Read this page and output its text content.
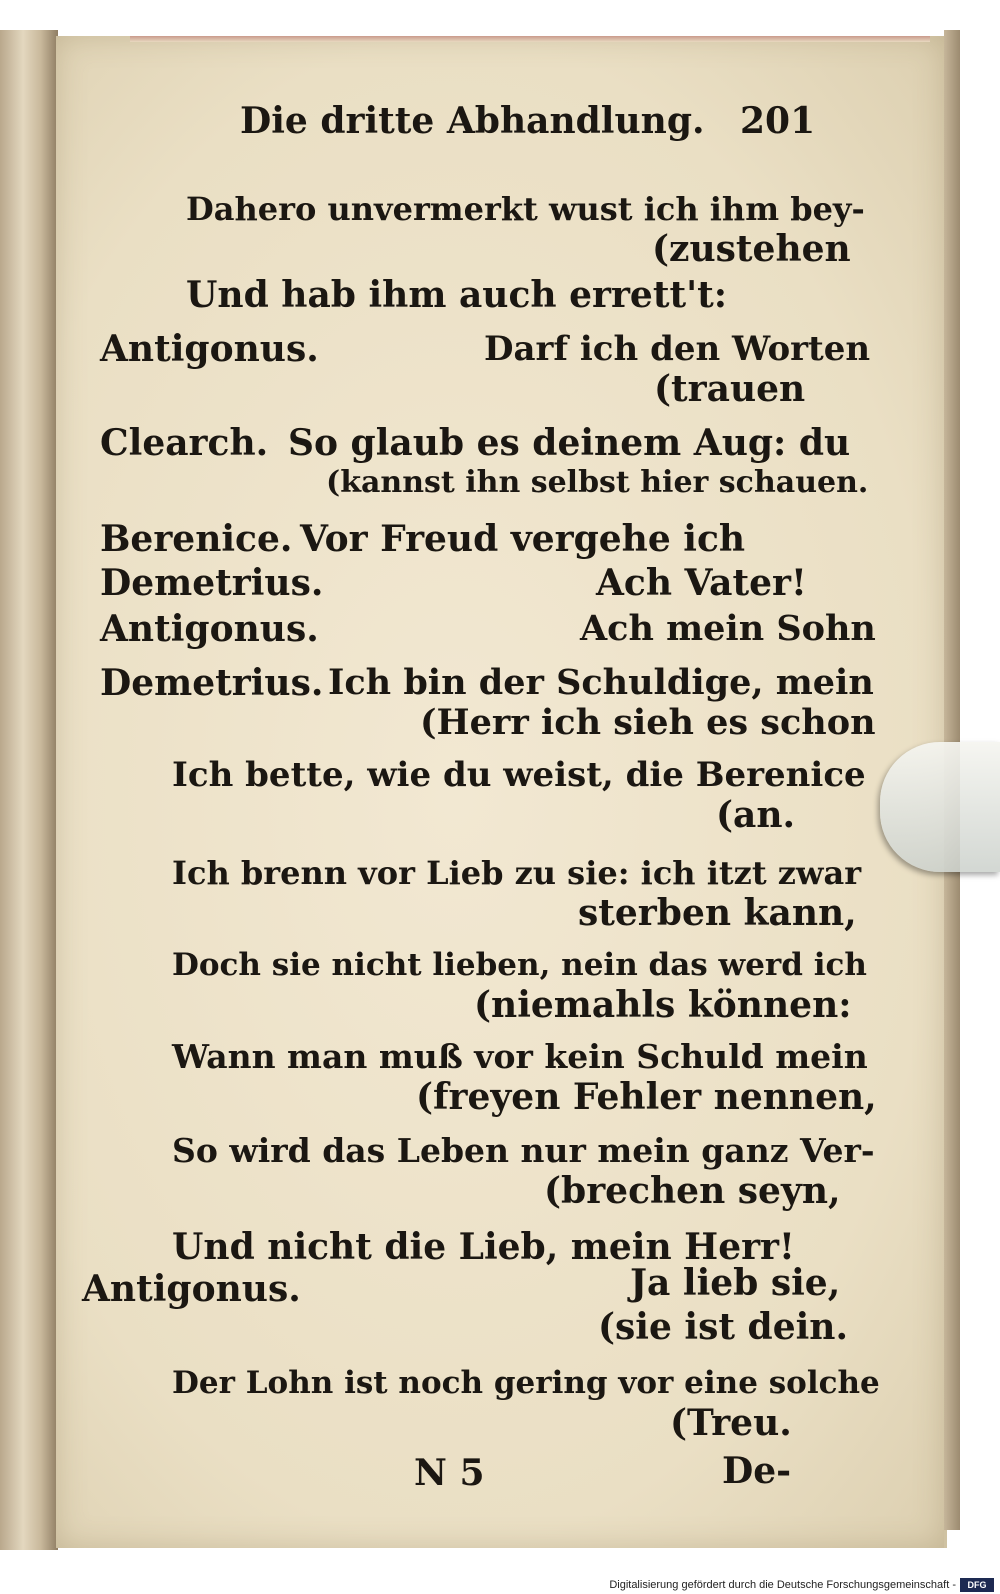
Die dritte Abhandlung. 201
Dahero unvermerkt wust ich ihm bey-
(zustehen
Und hab ihm auch errett't:
Antigonus.	Darf ich den Worten
(trauen
Clearch. So glaub es deinem Aug: du
(kannst ihn selbst hier schauen.
Berenice. Vor Freud vergehe ich
Demetrius.	Ach Vater!
Antigonus.	Ach mein Sohn
Demetrius. Ich bin der Schuldige, mein
(Herr ich sieh es schon
Ich bette, wie du weist, die Berenice
(an.
Ich brenn vor Lieb zu sie: ich itzt zwar
sterben kann,
Doch sie nicht lieben, nein das werd ich
(niemahls können:
Wann man muß vor kein Schuld mein
(freyen Fehler nennen,
So wird das Leben nur mein ganz Ver-
(brechen seyn,
Und nicht die Lieb, mein Herr!
Antigonus.	Ja lieb sie,
(sie ist dein.
Der Lohn ist noch gering vor eine solche
(Treu.
N 5	De-
Digitalisierung gefördert durch die Deutsche Forschungsgemeinschaft -	DFG
